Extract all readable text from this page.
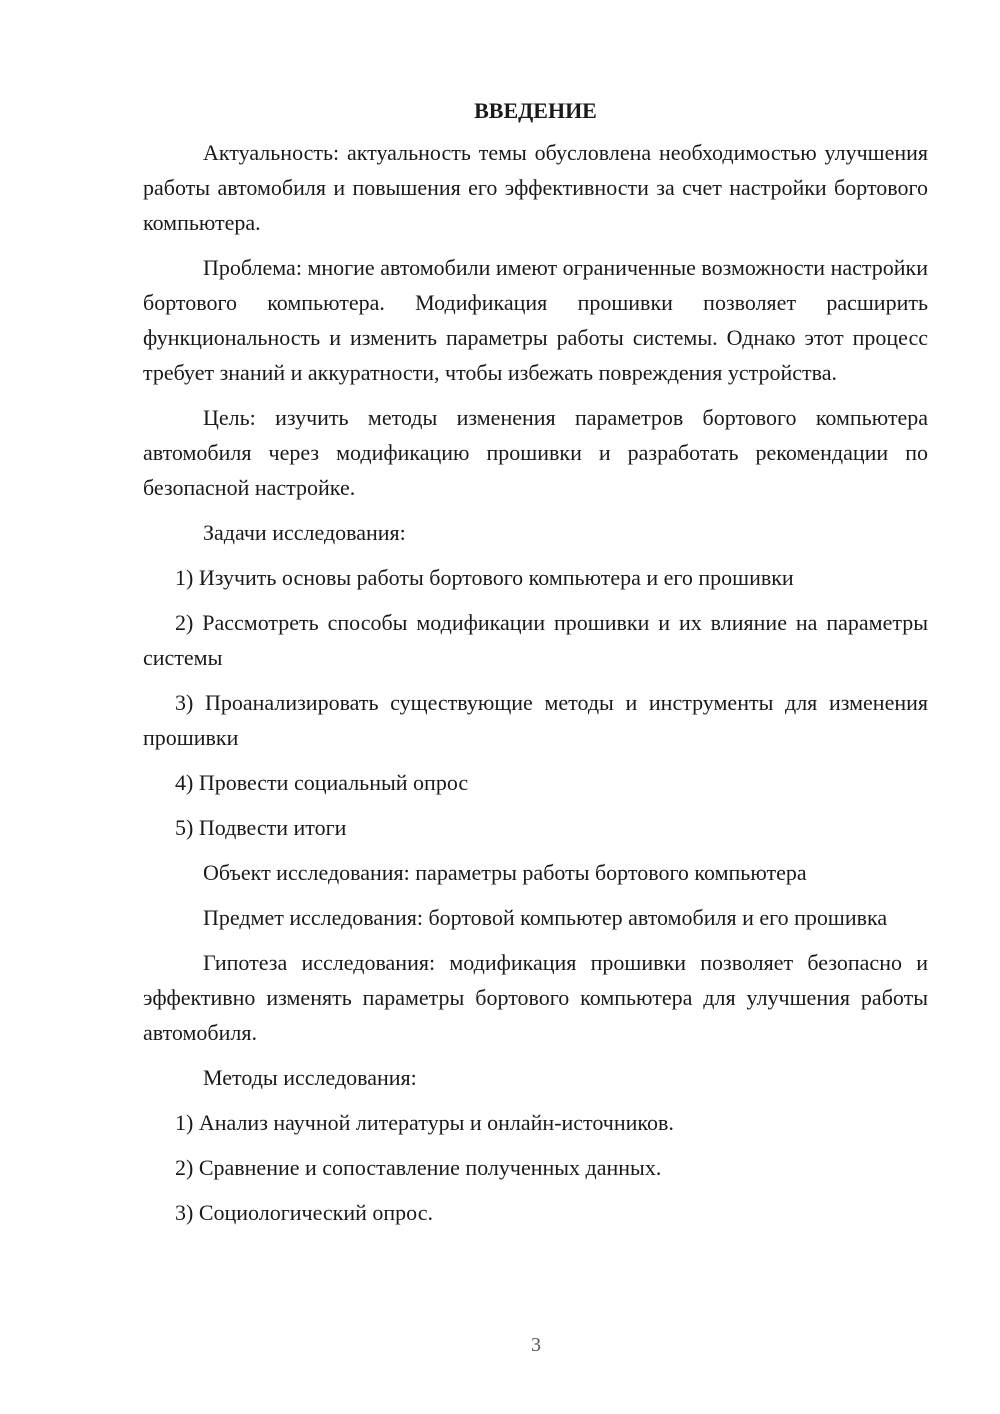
ВВЕДЕНИЕ

Актуальность: актуальность темы обусловлена необходимостью улучшения работы автомобиля и повышения его эффективности за счет настройки бортового компьютера.

Проблема: многие автомобили имеют ограниченные возможности настройки бортового компьютера. Модификация прошивки позволяет расширить функциональность и изменить параметры работы системы. Однако этот процесс требует знаний и аккуратности, чтобы избежать повреждения устройства.

Цель: изучить методы изменения параметров бортового компьютера автомобиля через модификацию прошивки и разработать рекомендации по безопасной настройке.

Задачи исследования:

1) Изучить основы работы бортового компьютера и его прошивки

2) Рассмотреть способы модификации прошивки и их влияние на параметры системы

3) Проанализировать существующие методы и инструменты для изменения прошивки

4) Провести социальный опрос

5) Подвести итоги

Объект исследования: параметры работы бортового компьютера

Предмет исследования: бортовой компьютер автомобиля и его прошивка

Гипотеза исследования: модификация прошивки позволяет безопасно и эффективно изменять параметры бортового компьютера для улучшения работы автомобиля.

Методы исследования:

1) Анализ научной литературы и онлайн-источников.

2) Сравнение и сопоставление полученных данных.

3) Социологический опрос.

3
